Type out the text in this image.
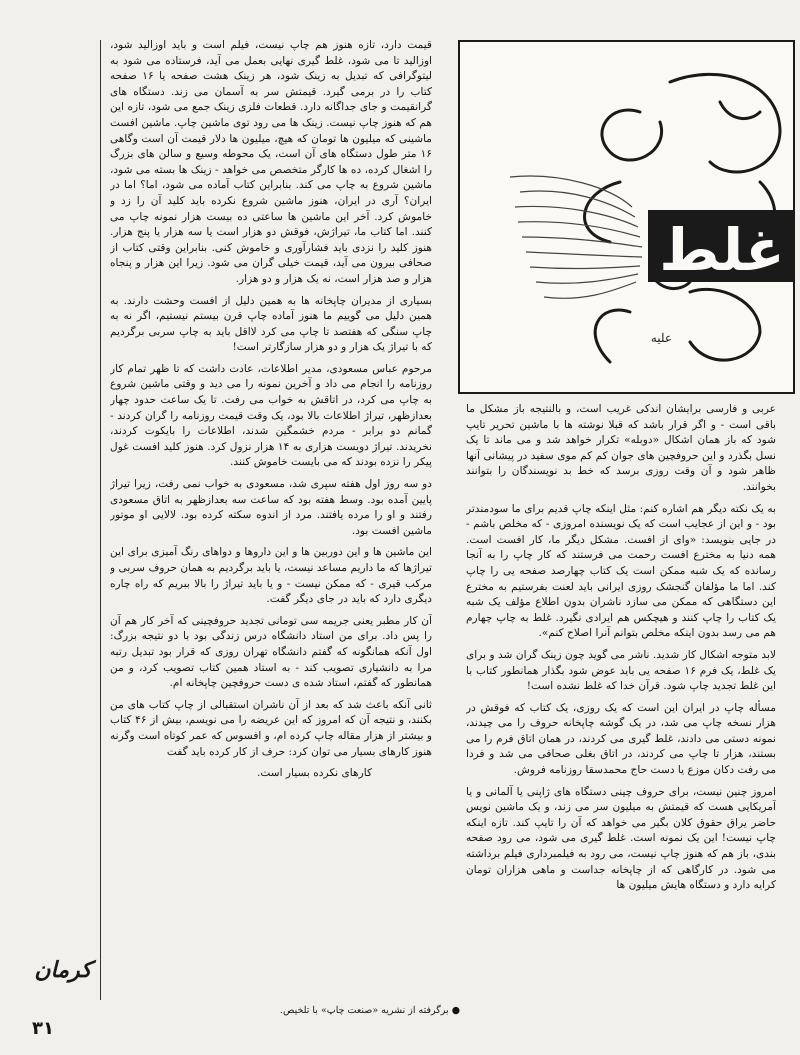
غلط
علیه

عربی و فارسی برایشان اندکی غریب است، و بالنتیجه باز مشکل ما باقی است - و اگر قرار باشد که قبلا نوشته ها با ماشین تحریر تایپ شود که باز همان اشکال «دوبله» تکرار خواهد شد و می ماند تا یک نسل بگذرد و این حروفچین های جوان کم کم موی سفید در پیشانی آنها ظاهر شود و آن وقت روزی برسد که خط بد نویسندگان را بتوانند بخوانند.

به یک نکته دیگر هم اشاره کنم: مثل اینکه چاپ قدیم برای ما سودمندتر بود - و این از عجایب است که یک نویسنده امروزی - که مخلص باشم - در جایی بنویسد: «وای از افست. مشکل دیگر ما، کار افست است. همه دنیا به مخترع افست رحمت می فرستند که کار چاپ را به آنجا رسانده که یک شبه ممکن است یک کتاب چهارصد صفحه یی را چاپ کند. اما ما مؤلفان گنجشک روزی ایرانی باید لعنت بفرستیم به مخترع این دستگاهی که ممکن می سازد ناشران بدون اطلاع مؤلف یک شبه یک کتاب را چاپ کنند و هیچکس هم ایرادی نگیرد. غلط به چاپ چهارم هم می رسد بدون اینکه مخلص بتوانم آنرا اصلاح کنم».

لابد متوجه اشکال کار شدید. ناشر می گوید چون زینک گران شد و برای یک غلط، یک فرم ۱۶ صفحه یی باید عوض شود بگذار همانطور کتاب با این غلط تجدید چاپ شود. قرآن خدا که غلط نشده است!

مسأله چاپ در ایران این است که یک روزی، یک کتاب که فوقش در هزار نسخه چاپ می شد، در یک گوشه چاپخانه حروف را می چیدند، نمونه دستی می دادند، غلط گیری می کردند، در همان اتاق فرم را می بستند، هزار تا چاپ می کردند، در اتاق بغلی صحافی می شد و فردا می رفت دکان موزع یا دست حاج محمدسقا روزنامه فروش.

امروز چنین نیست، برای حروف چینی دستگاه های ژاپنی یا آلمانی و یا آمریکایی هست که قیمتش به میلیون سر می زند، و یک ماشین نویس حاضر یراق حقوق کلان بگیر می خواهد که آن را تایپ کند. تازه اینکه چاپ نیست! این یک نمونه است. غلط گیری می شود، می رود صفحه بندی، باز هم که هنوز چاپ نیست، می رود به فیلمبرداری فیلم برداشته می شود. در کارگاهی که از چاپخانه جداست و ماهی هزاران تومان کرایه دارد و دستگاه هایش میلیون ها

قیمت دارد، تازه هنوز هم چاپ نیست، فیلم است و باید اوزالید شود، اوزالید تا می شود، غلط گیری نهایی بعمل می آید، فرستاده می شود به لیتوگرافی که تبدیل به زینک شود، هر زینک هشت صفحه یا ۱۶ صفحه کتاب را در برمی گیرد. قیمتش سر به آسمان می زند. دستگاه های گرانقیمت و جای جداگانه دارد. قطعات فلزی زینک جمع می شود، تازه این هم که هنوز چاپ نیست. زینک ها می رود توی ماشین چاپ. ماشین افست ماشینی که میلیون ها تومان که هیچ، میلیون ها دلار قیمت آن است وگاهی ۱۶ متر طول دستگاه های آن است، یک محوطه وسیع و سالن های بزرگ را اشغال کرده، ده ها کارگر متخصص می خواهد - زینک ها بسته می شود، ماشین شروع به چاپ می کند. بنابراین کتاب آماده می شود، اما؟ اما در ایران؟ آری در ایران، هنوز ماشین شروع نکرده باید کلید آن را زد و خاموش کرد. آخر این ماشین ها ساعتی ده بیست هزار نمونه چاپ می کنند. اما کتاب ما، تیراژش، فوقش دو هزار است یا سه هزار یا پنج هزار. هنوز کلید را نزدی باید فشارآوری و خاموش کنی. بنابراین وقتی کتاب از صحافی بیرون می آید، قیمت خیلی گران می شود. زیرا این هزار و پنجاه هزار و صد هزار است، نه یک هزار و دو هزار.

بسیاری از مدیران چاپخانه ها به همین دلیل از افست وحشت دارند. به همین دلیل می گوییم ما هنوز آماده چاپ قرن بیستم نیستیم، اگر نه به چاپ سنگی که هفتصد تا چاپ می کرد لااقل باید به چاپ سربی برگردیم که با تیراژ یک هزار و دو هزار سازگارتر است!

مرحوم عباس مسعودی، مدیر اطلاعات، عادت داشت که تا ظهر تمام کار روزنامه را انجام می داد و آخرین نمونه را می دید و وقتی ماشین شروع به چاپ می کرد، در اتاقش به خواب می رفت. تا یک ساعت حدود چهار بعدازظهر، تیراژ اطلاعات بالا بود، یک وقت قیمت روزنامه را گران کردند - گمانم دو برابر - مردم خشمگین شدند، اطلاعات را بایکوت کردند، نخریدند. تیراژ دویست هزاری به ۱۴ هزار نزول کرد. هنوز کلید افست غول پیکر را نزده بودند که می بایست خاموش کنند.

دو سه روز اول هفته سپری شد، مسعودی به خواب نمی رفت، زیرا تیراژ پایین آمده بود. وسط هفته بود که ساعت سه بعدازظهر به اتاق مسعودی رفتند و او را مرده یافتند. مرد از اندوه سکته کرده بود. لالایی او موتور ماشین افست بود.

این ماشین ها و این دوربین ها و این داروها و دواهای رنگ آمیزی برای این تیراژها که ما داریم مساعد نیست، یا باید برگردیم به همان حروف سربی و مرکب قیری - که ممکن نیست - و یا باید تیراژ را بالا ببریم که راه چاره دیگری دارد که باید در جای دیگر گفت.

آن کار مطبر یعنی جریمه سی تومانی تجدید حروفچینی که آخر کار هم آن را پس داد. برای من استاد دانشگاه درس زندگی بود با دو نتیجه بزرگ: اول آنکه همانگونه که گفتم دانشگاه تهران روزی که قرار بود تبدیل رتبه مرا به دانشیاری تصویب کند - به استاد همین کتاب تصویب کرد، و من همانطور که گفتم، استاد شده ی دست حروفچین چاپخانه ام.

ثانی آنکه باعث شد که بعد از آن ناشران استقبالی از چاپ کتاب های من بکنند، و نتیجه آن که امروز که این عریضه را می نویسم، بیش از ۴۶ کتاب و بیشتر از هزار مقاله چاپ کرده ام، و افسوس که عمر کوتاه است وگرنه هنوز کارهای بسیار می توان کرد: حرف از کار کرده باید گفت

کارهای نکرده بسیار است.

کرمان
● برگرفته از نشریه «صنعت چاپ» با تلخیص.
۳۱
